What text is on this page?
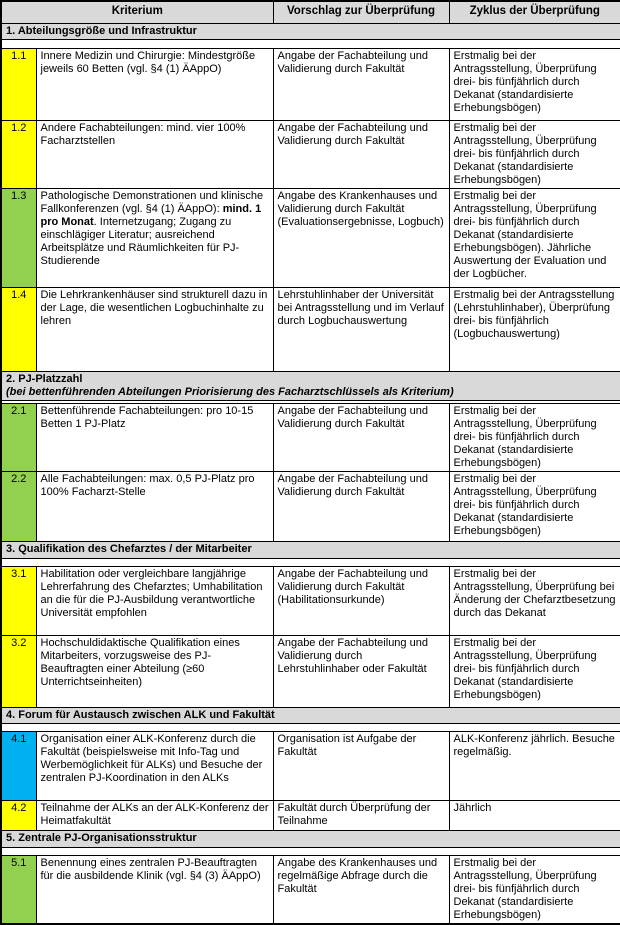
Kriterium		Vorschlag zur Überprüfung	Zyklus der Überprüfung
1. Abteilungsgröße und Infrastruktur			

1.1	Innere Medizin und Chirurgie: Mindestgröße jeweils 60 Betten (vgl. §4 (1) ÄAppO)	Angabe der Fachabteilung und Validierung durch Fakultät	Erstmalig bei der Antragsstellung, Überprüfung drei- bis fünfjährlich durch Dekanat (standardisierte Erhebungsbögen)
1.2	Andere Fachabteilungen: mind. vier 100% Facharztstellen	Angabe der Fachabteilung und Validierung durch Fakultät	Erstmalig bei der Antragsstellung, Überprüfung drei- bis fünfjährlich durch Dekanat (standardisierte Erhebungsbögen)
1.3	Pathologische Demonstrationen und klinische Fallkonferenzen (vgl. §4 (1) ÄAppO): mind. 1 pro Monat. Internetzugang; Zugang zu einschlägiger Literatur; ausreichend Arbeitsplätze und Räumlichkeiten für PJ-Studierende	Angabe des Krankenhauses und Validierung durch Fakultät (Evaluationsergebnisse, Logbuch)	Erstmalig bei der Antragsstellung, Überprüfung drei- bis fünfjährlich durch Dekanat (standardisierte Erhebungsbögen). Jährliche Auswertung der Evaluation und der Logbücher.
1.4	Die Lehrkrankenhäuser sind strukturell dazu in der Lage, die wesentlichen Logbuchinhalte zu lehren	Lehrstuhlinhaber der Universität bei Antragsstellung und im Verlauf durch Logbuchauswertung	Erstmalig bei der Antragsstellung (Lehrstuhlinhaber), Überprüfung drei- bis fünfjährlich (Logbuchauswertung)

2. PJ-Platzzahl
(bei bettenführenden Abteilungen Priorisierung des Facharztschlüssels als Kriterium)			

2.1	Bettenführende Fachabteilungen: pro 10-15 Betten 1 PJ-Platz	Angabe der Fachabteilung und Validierung durch Fakultät	Erstmalig bei der Antragsstellung, Überprüfung drei- bis fünfjährlich durch Dekanat (standardisierte Erhebungsbögen)
2.2	Alle Fachabteilungen: max. 0,5 PJ-Platz pro 100% Facharzt-Stelle	Angabe der Fachabteilung und Validierung durch Fakultät	Erstmalig bei der Antragsstellung, Überprüfung drei- bis fünfjährlich durch Dekanat (standardisierte Erhebungsbögen)
3. Qualifikation des Chefarztes / der Mitarbeiter			

3.1	Habilitation oder vergleichbare langjährige Lehrerfahrung des Chefarztes; Umhabilitation an die für die PJ-Ausbildung verantwortliche Universität empfohlen	Angabe der Fachabteilung und Validierung durch Fakultät (Habilitationsurkunde)	Erstmalig bei der Antragsstellung, Überprüfung bei Änderung der Chefarztbesetzung durch das Dekanat
3.2	Hochschuldidaktische Qualifikation eines Mitarbeiters, vorzugsweise des PJ-Beauftragten einer Abteilung (≥60 Unterrichtseinheiten)	Angabe der Fachabteilung und Validierung durch Lehrstuhlinhaber oder Fakultät	Erstmalig bei der Antragsstellung, Überprüfung drei- bis fünfjährlich durch Dekanat (standardisierte Erhebungsbögen)
4. Forum für Austausch zwischen ALK und Fakultät			

4.1	Organisation einer ALK-Konferenz durch die Fakultät (beispielsweise mit Info-Tag und Werbemöglichkeit für ALKs) und Besuche der zentralen PJ-Koordination in den ALKs	Organisation ist Aufgabe der Fakultät	ALK-Konferenz jährlich. Besuche regelmäßig.
4.2	Teilnahme der ALKs an der ALK-Konferenz der Heimatfakultät	Fakultät durch Überprüfung der Teilnahme	Jährlich
5. Zentrale PJ-Organisationsstruktur			

5.1	Benennung eines zentralen PJ-Beauftragten für die ausbildende Klinik (vgl. §4 (3) ÄAppO)	Angabe des Krankenhauses und regelmäßige Abfrage durch die Fakultät	Erstmalig bei der Antragsstellung, Überprüfung drei- bis fünfjährlich durch Dekanat (standardisierte Erhebungsbögen)
